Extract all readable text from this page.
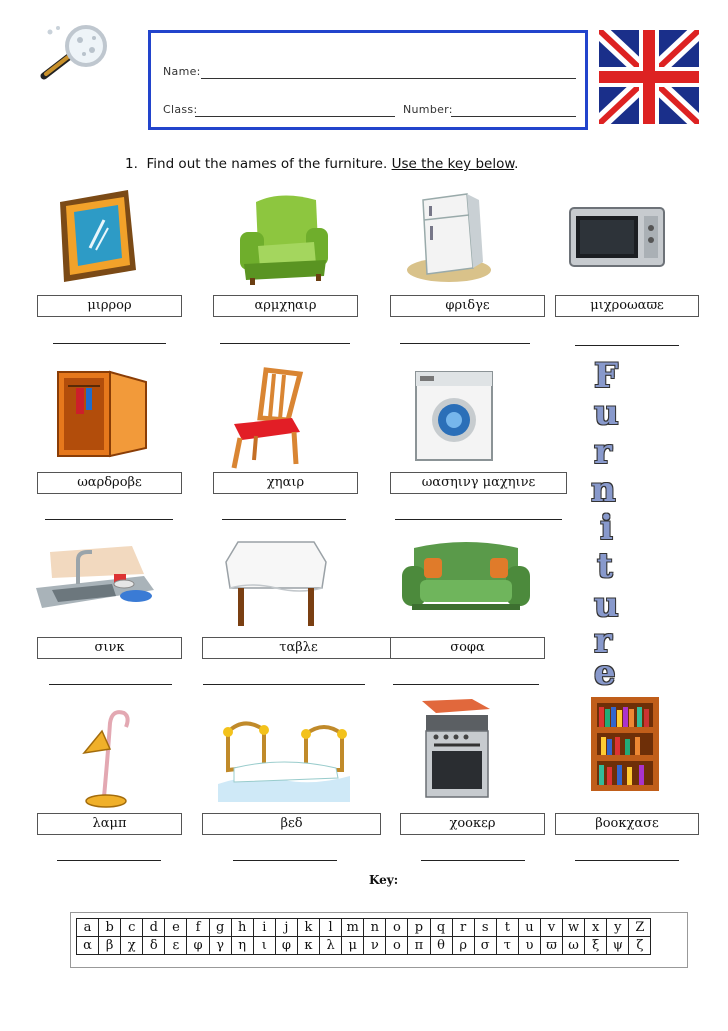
Name:
Class:	Number:
1. Find out the names of the furniture. Use the key below.
μιρρορ	αρμχηαιρ	φριδγε	μιχροωαϖε
F
u
r
n
i
t
u
r
e
ωαρδροβε	χηαιρ	ωασηινγ μαχηινε
σινκ	ταβλε	σοφα
λαμπ	βεδ	χοοκερ	βοοκχασε
Key:
a	b	c	d	e	f	g	h	i	j	k	l	m	n	o	p	q	r	s	t	u	v	w	x	y	Z
α	β	χ	δ	ε	φ	γ	η	ι	φ	κ	λ	μ	ν	ο	π	θ	ρ	σ	τ	υ	ϖ	ω	ξ	ψ	ζ
